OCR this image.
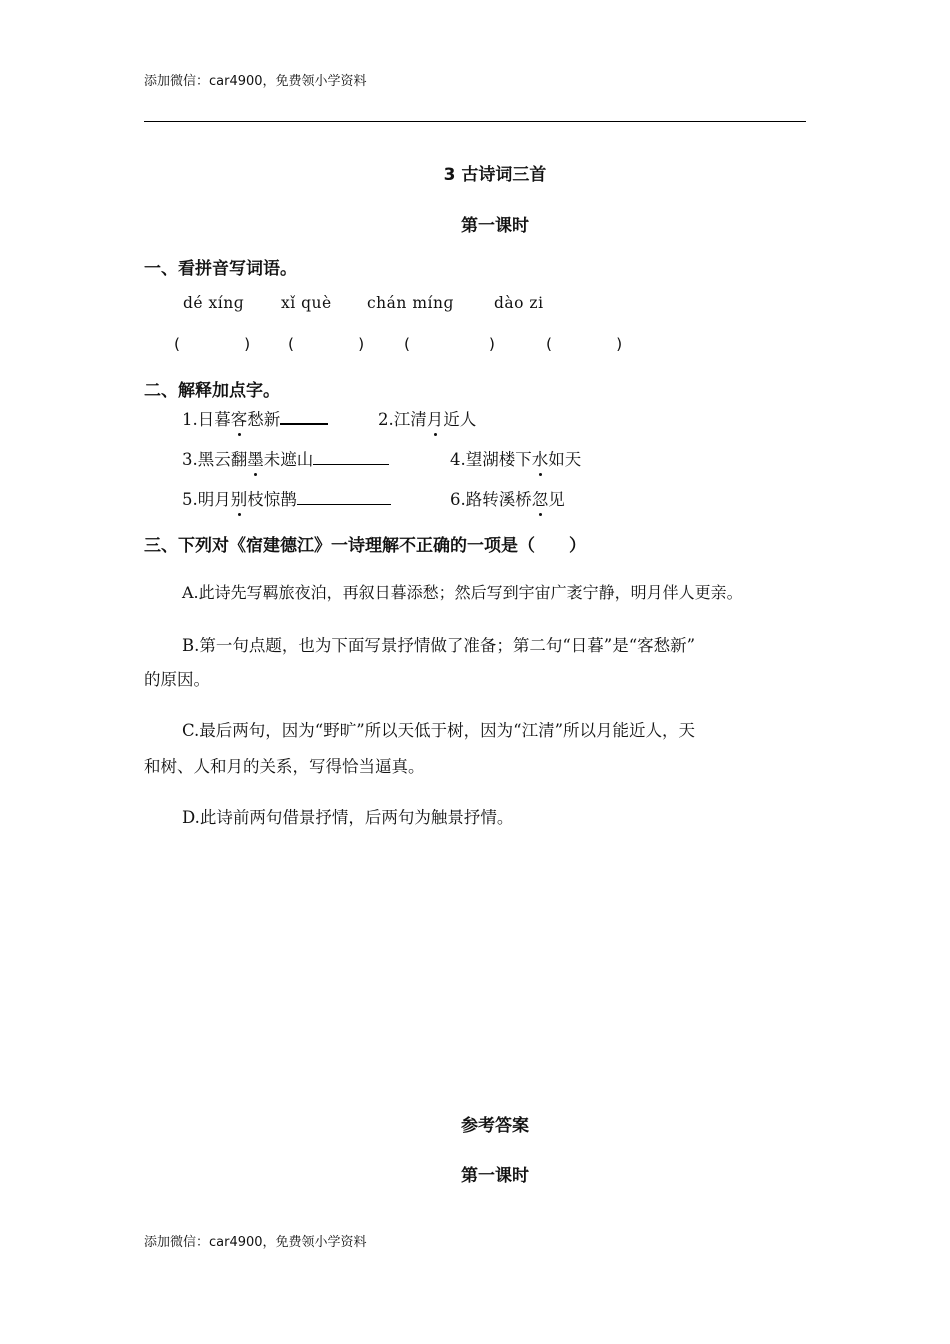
添加微信：car4900，免费领小学资料
3 古诗词三首
第一课时
一、看拼音写词语。
dé xínɡ xǐ què chán mínɡ	dào zi
(             ) (             )	(                )	(             )
二、解释加点字。
1.日暮客愁新	2.江清月近人
3.黑云翻墨未遮山	4.望湖楼下水如天
5.明月别枝惊鹊	6.路转溪桥忽见
三、下列对《宿建德江》一诗理解不正确的一项是（　　）
A.此诗先写羁旅夜泊，再叙日暮添愁；然后写到宇宙广袤宁静，明月伴人更亲。
B.第一句点题，也为下面写景抒情做了准备；第二句“日暮”是“客愁新”
的原因。
C.最后两句，因为“野旷”所以天低于树，因为“江清”所以月能近人，天
和树、人和月的关系，写得恰当逼真。
D.此诗前两句借景抒情，后两句为触景抒情。
参考答案
第一课时
添加微信：car4900，免费领小学资料
